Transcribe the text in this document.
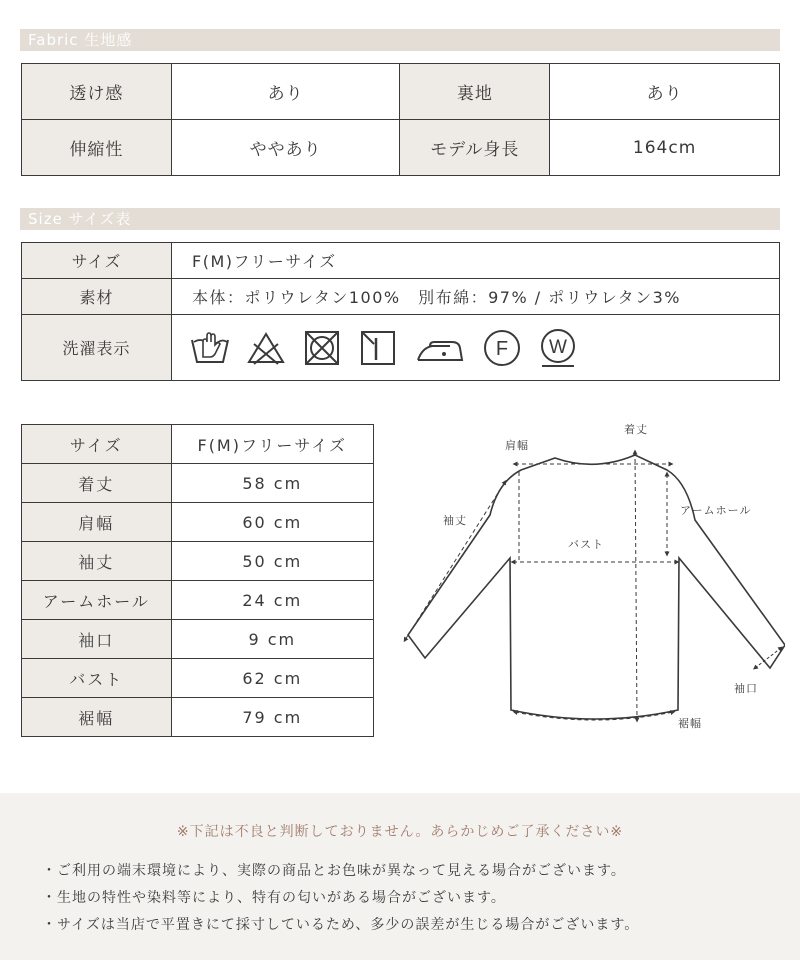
Fabric 生地感
透け感	あり	裏地	あり
伸縮性	ややあり	モデル身長	164cm
Size サイズ表
サイズ	F(M)フリーサイズ
素材	本体：ポリウレタン100%　別布綿：97% / ポリウレタン3%
洗濯表示	F W
サイズ	F(M)フリーサイズ
着丈	58 cm
肩幅	60 cm
袖丈	50 cm
アームホール	24 cm
袖口	9 cm
バスト	62 cm
裾幅	79 cm
着丈
肩幅
袖丈
アームホール
バスト
袖口
裾幅
※下記は不良と判断しておりません。あらかじめご了承ください※
・ご利用の端末環境により、実際の商品とお色味が異なって見える場合がございます。
・生地の特性や染料等により、特有の匂いがある場合がございます。
・サイズは当店で平置きにて採寸しているため、多少の誤差が生じる場合がございます。
